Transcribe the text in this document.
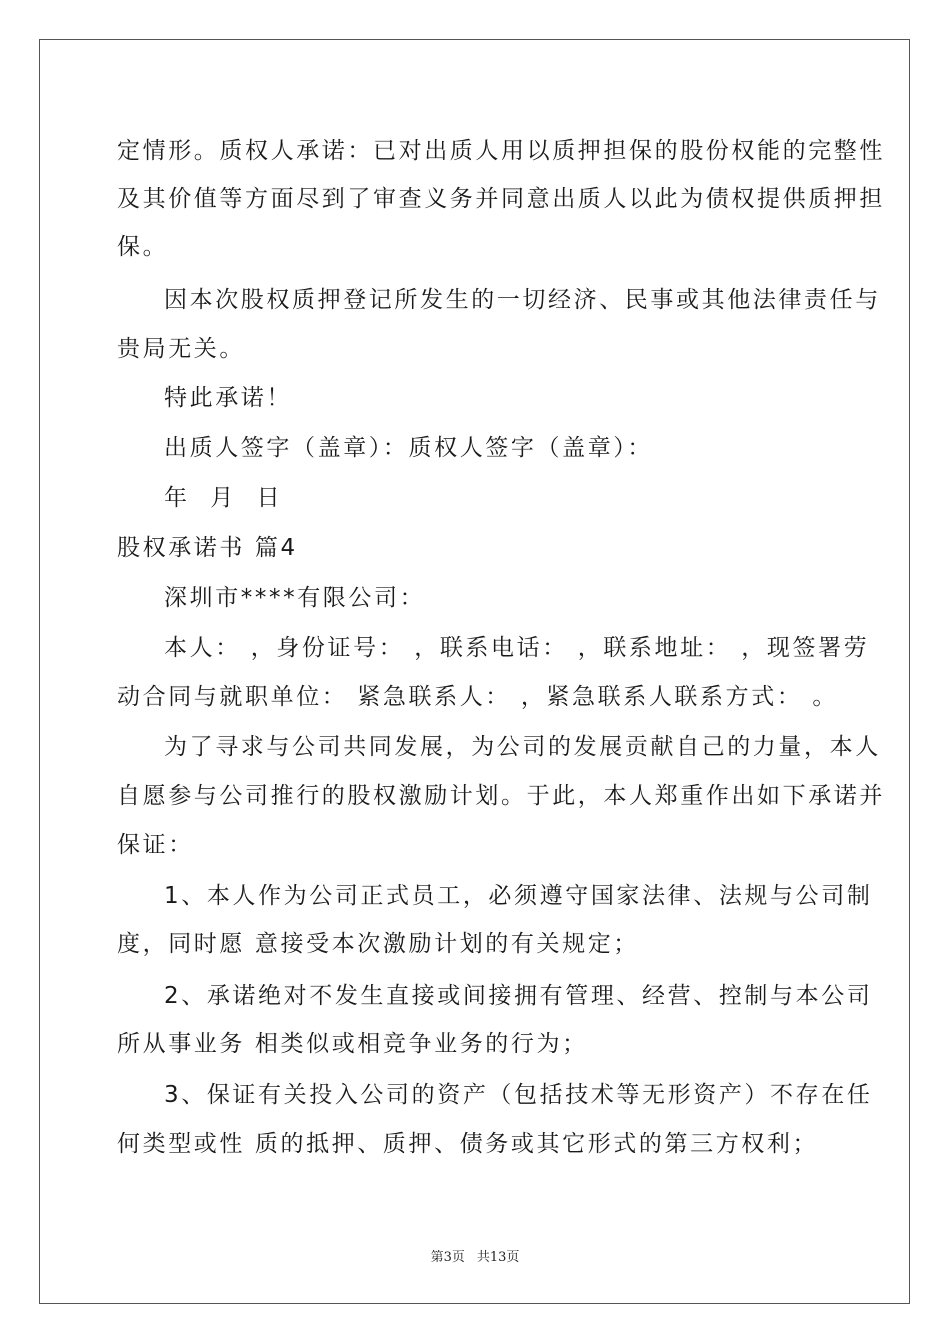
定情形。质权人承诺：已对出质人用以质押担保的股份权能的完整性
及其价值等方面尽到了审查义务并同意出质人以此为债权提供质押担
保。
因本次股权质押登记所发生的一切经济、民事或其他法律责任与
贵局无关。
特此承诺！
出质人签字（盖章）：质权人签字（盖章）：
年 月 日
股权承诺书 篇4
深圳市****有限公司：
本人： ，身份证号： ，联系电话： ，联系地址： ，现签署劳
动合同与就职单位： 紧急联系人： ，紧急联系人联系方式： 。
为了寻求与公司共同发展，为公司的发展贡献自己的力量，本人
自愿参与公司推行的股权激励计划。于此，本人郑重作出如下承诺并
保证：
1、本人作为公司正式员工，必须遵守国家法律、法规与公司制
度，同时愿 意接受本次激励计划的有关规定；
2、承诺绝对不发生直接或间接拥有管理、经营、控制与本公司
所从事业务 相类似或相竞争业务的行为；
3、保证有关投入公司的资产（包括技术等无形资产）不存在任
何类型或性 质的抵押、质押、债务或其它形式的第三方权利；
第3页 共13页
